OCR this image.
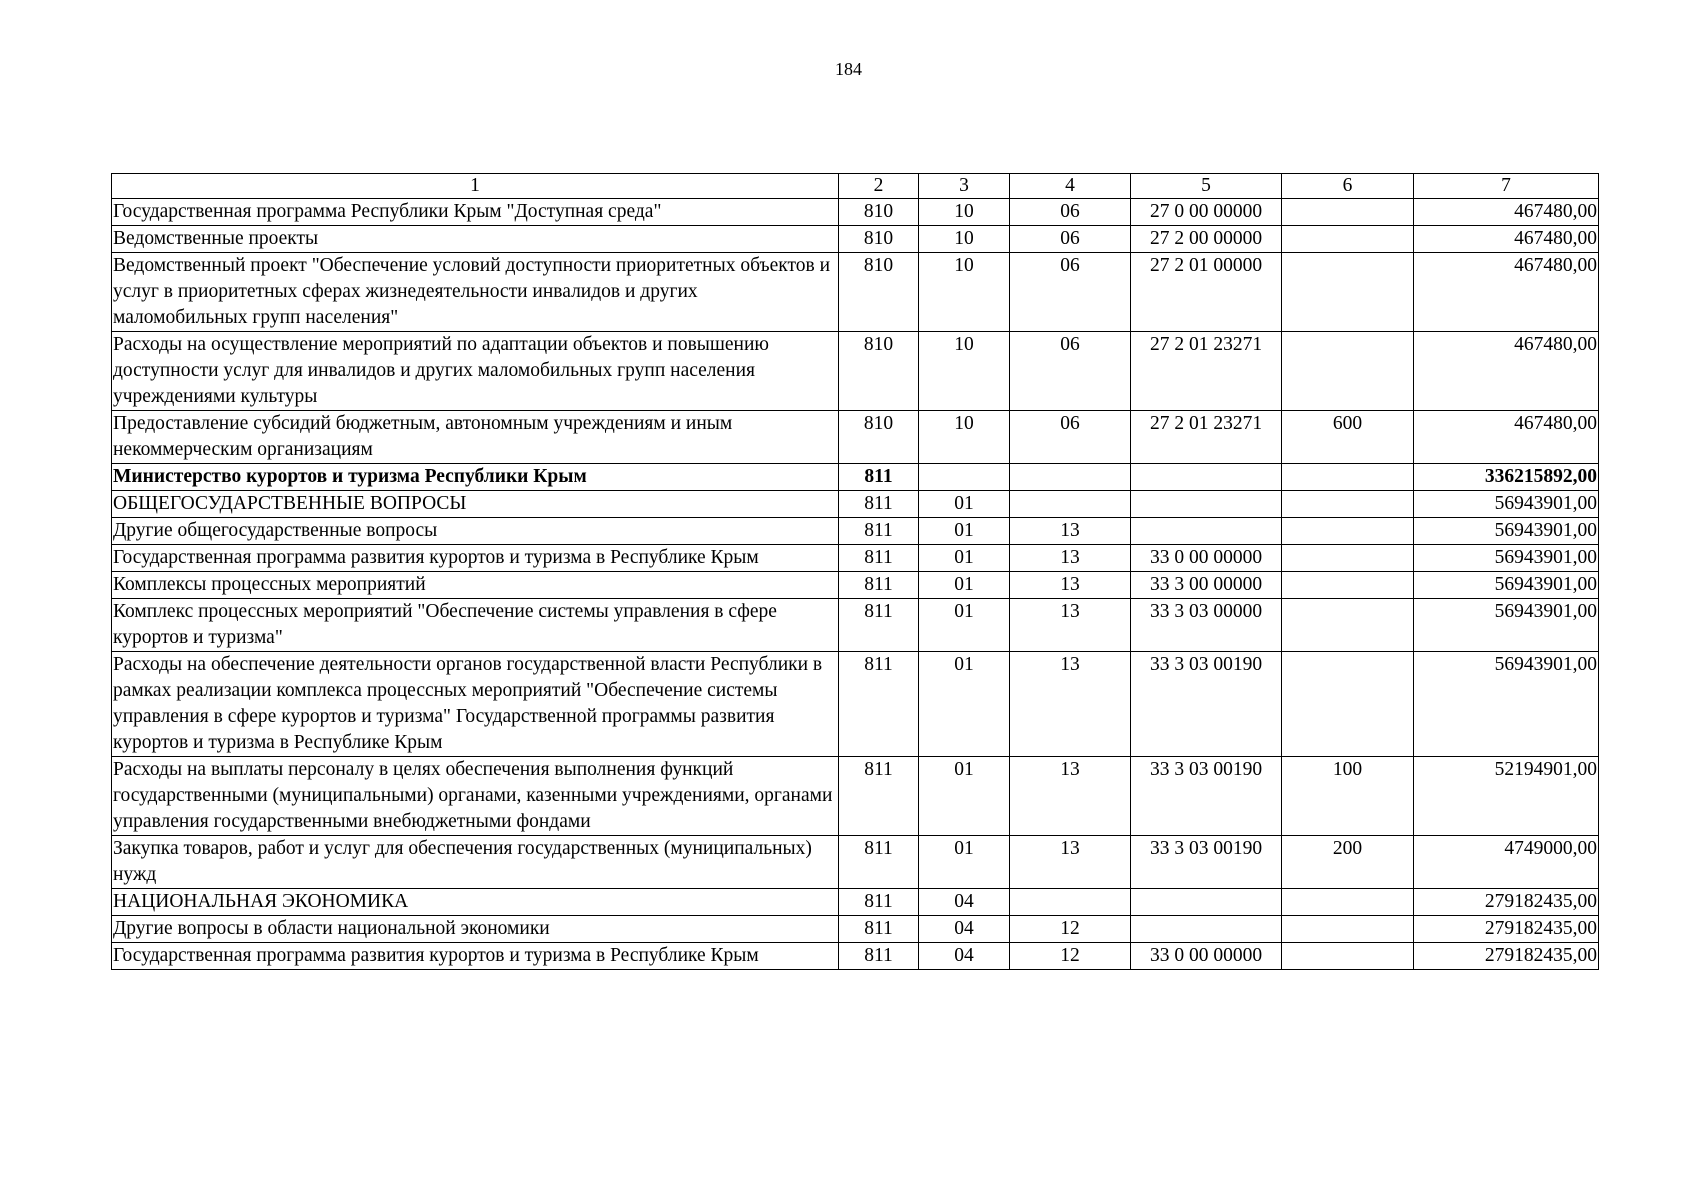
184
1	2	3	4	5	6	7
Государственная программа Республики Крым "Доступная среда"	810	10	06	27 0 00 00000		467480,00
Ведомственные проекты	810	10	06	27 2 00 00000		467480,00
Ведомственный проект "Обеспечение условий доступности приоритетных объектов и услуг в приоритетных сферах жизнедеятельности инвалидов и других маломобильных групп населения"	810	10	06	27 2 01 00000		467480,00
Расходы на осуществление мероприятий по адаптации объектов и повышению доступности услуг для инвалидов и других маломобильных групп населения учреждениями культуры	810	10	06	27 2 01 23271		467480,00
Предоставление субсидий бюджетным, автономным учреждениям и иным некоммерческим организациям	810	10	06	27 2 01 23271	600	467480,00
Министерство курортов и туризма Республики Крым	811					336215892,00
ОБЩЕГОСУДАРСТВЕННЫЕ ВОПРОСЫ	811	01				56943901,00
Другие общегосударственные вопросы	811	01	13			56943901,00
Государственная программа развития курортов и туризма в Республике Крым	811	01	13	33 0 00 00000		56943901,00
Комплексы процессных мероприятий	811	01	13	33 3 00 00000		56943901,00
Комплекс процессных мероприятий "Обеспечение системы управления в сфере курортов и туризма"	811	01	13	33 3 03 00000		56943901,00
Расходы на обеспечение деятельности органов государственной власти Республики в рамках реализации комплекса процессных мероприятий "Обеспечение системы управления в сфере курортов и туризма" Государственной программы развития курортов и туризма в Республике Крым	811	01	13	33 3 03 00190		56943901,00
Расходы на выплаты персоналу в целях обеспечения выполнения функций государственными (муниципальными) органами, казенными учреждениями, органами управления государственными внебюджетными фондами	811	01	13	33 3 03 00190	100	52194901,00
Закупка товаров, работ и услуг для обеспечения государственных (муниципальных) нужд	811	01	13	33 3 03 00190	200	4749000,00
НАЦИОНАЛЬНАЯ ЭКОНОМИКА	811	04				279182435,00
Другие вопросы в области национальной экономики	811	04	12			279182435,00
Государственная программа развития курортов и туризма в Республике Крым	811	04	12	33 0 00 00000		279182435,00
